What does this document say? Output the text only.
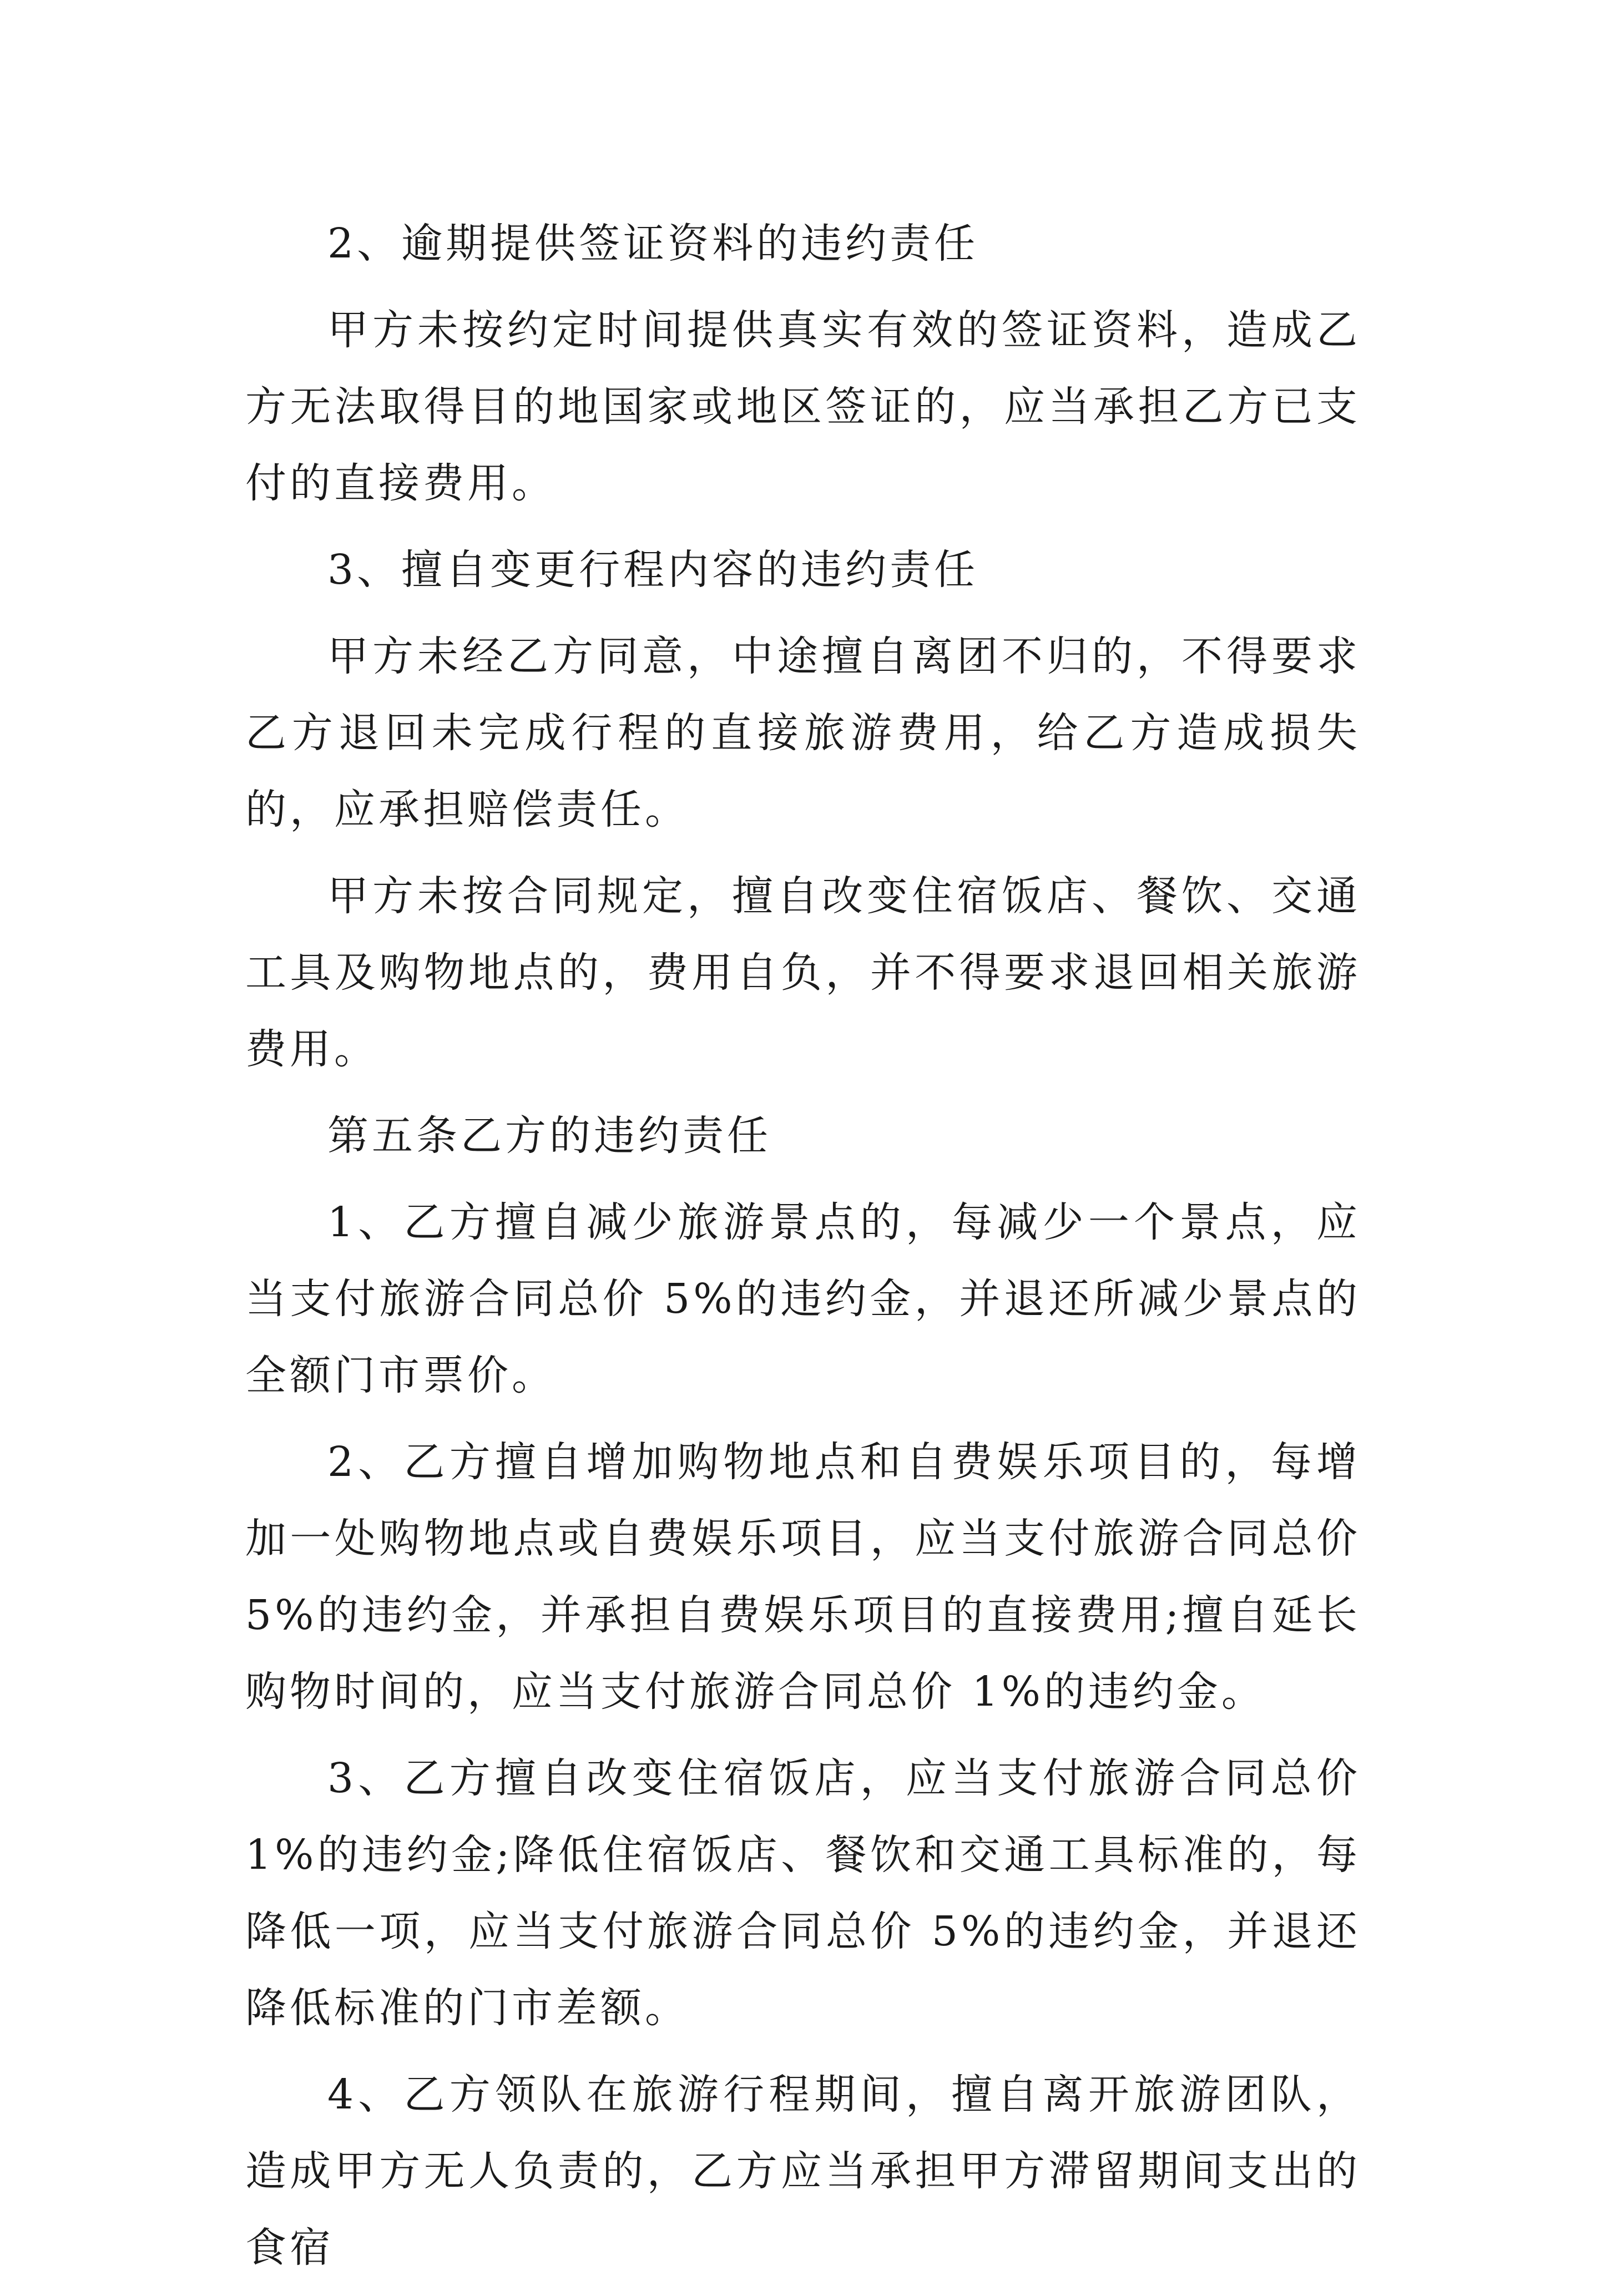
2、逾期提供签证资料的违约责任

甲方未按约定时间提供真实有效的签证资料，造成乙方无法取得目的地国家或地区签证的，应当承担乙方已支付的直接费用。

3、擅自变更行程内容的违约责任

甲方未经乙方同意，中途擅自离团不归的，不得要求乙方退回未完成行程的直接旅游费用，给乙方造成损失的，应承担赔偿责任。

甲方未按合同规定，擅自改变住宿饭店、餐饮、交通工具及购物地点的，费用自负，并不得要求退回相关旅游费用。

第五条乙方的违约责任

1、乙方擅自减少旅游景点的，每减少一个景点，应当支付旅游合同总价 5%的违约金，并退还所减少景点的全额门市票价。

2、乙方擅自增加购物地点和自费娱乐项目的，每增加一处购物地点或自费娱乐项目，应当支付旅游合同总价 5%的违约金，并承担自费娱乐项目的直接费用;擅自延长购物时间的，应当支付旅游合同总价 1%的违约金。

3、乙方擅自改变住宿饭店，应当支付旅游合同总价 1%的违约金;降低住宿饭店、餐饮和交通工具标准的，每降低一项，应当支付旅游合同总价 5%的违约金，并退还降低标准的门市差额。

4、乙方领队在旅游行程期间，擅自离开旅游团队，造成甲方无人负责的，乙方应当承担甲方滞留期间支出的食宿
